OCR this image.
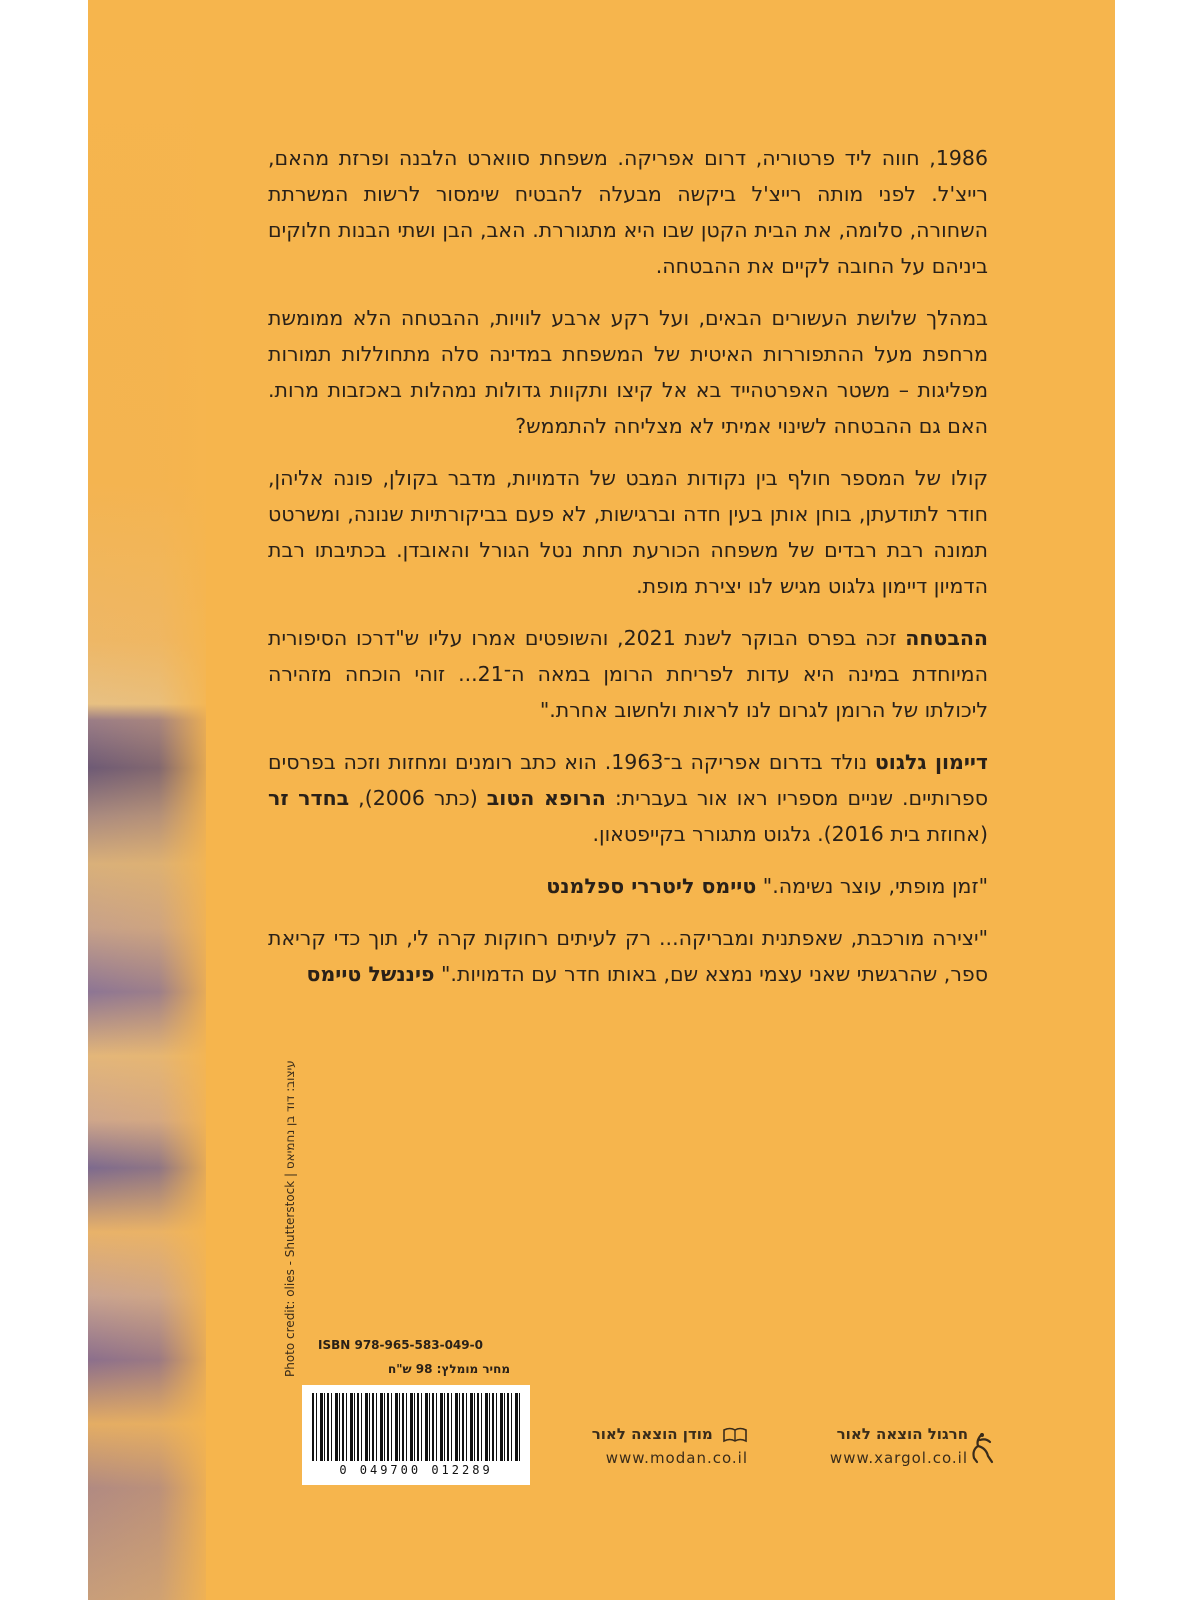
עיצוב: דוד בן נחמיאס | Photo credit: olies - Shutterstock

1986, חווה ליד פרטוריה, דרום אפריקה. משפחת סווארט הלבנה ופרזת מהאם, רייצ'ל. לפני מותה רייצ'ל ביקשה מבעלה להבטיח שימסור לרשות המשרתת השחורה, סלומה, את הבית הקטן שבו היא מתגוררת. האב, הבן ושתי הבנות חלוקים ביניהם על החובה לקיים את ההבטחה.

במהלך שלושת העשורים הבאים, ועל רקע ארבע לוויות, ההבטחה הלא ממומשת מרחפת מעל ההתפוררות האיטית של המשפחת במדינה סלה מתחוללות תמורות מפליגות – משטר האפרטהייד בא אל קיצו ותקוות גדולות נמהלות באכזבות מרות. האם גם ההבטחה לשינוי אמיתי לא מצליחה להתממש?

קולו של המספר חולף בין נקודות המבט של הדמויות, מדבר בקולן, פונה אליהן, חודר לתודעתן, בוחן אותן בעין חדה וברגישות, לא פעם בביקורתיות שנונה, ומשרטט תמונה רבת רבדים של משפחה הכורעת תחת נטל הגורל והאובדן. בכתיבתו רבת הדמיון דיימון גלגוט מגיש לנו יצירת מופת.

ההבטחה זכה בפרס הבוקר לשנת 2021, והשופטים אמרו עליו ש"דרכו הסיפורית המיוחדת במינה היא עדות לפריחת הרומן במאה ה־21... זוהי הוכחה מזהירה ליכולתו של הרומן לגרום לנו לראות ולחשוב אחרת."

דיימון גלגוט נולד בדרום אפריקה ב־1963. הוא כתב רומנים ומחזות וזכה בפרסים ספרותיים. שניים מספריו ראו אור בעברית: הרופא הטוב (כתר 2006), בחדר זר (אחוזת בית 2016). גלגוט מתגורר בקייפטאון.

"זמן מופתי, עוצר נשימה." טיימס ליטררי ספלמנט

"יצירה מורכבת, שאפתנית ומבריקה... רק לעיתים רחוקות קרה לי, תוך כדי קריאת ספר, שהרגשתי שאני עצמי נמצא שם, באותו חדר עם הדמויות." פיננשל טיימס

ISBN 978-965-583-049-0
מחיר מומלץ: 98 ש"ח
0 049700 012289
מודן הוצאה לאור
www.modan.co.il
חרגול הוצאה לאור
www.xargol.co.il
